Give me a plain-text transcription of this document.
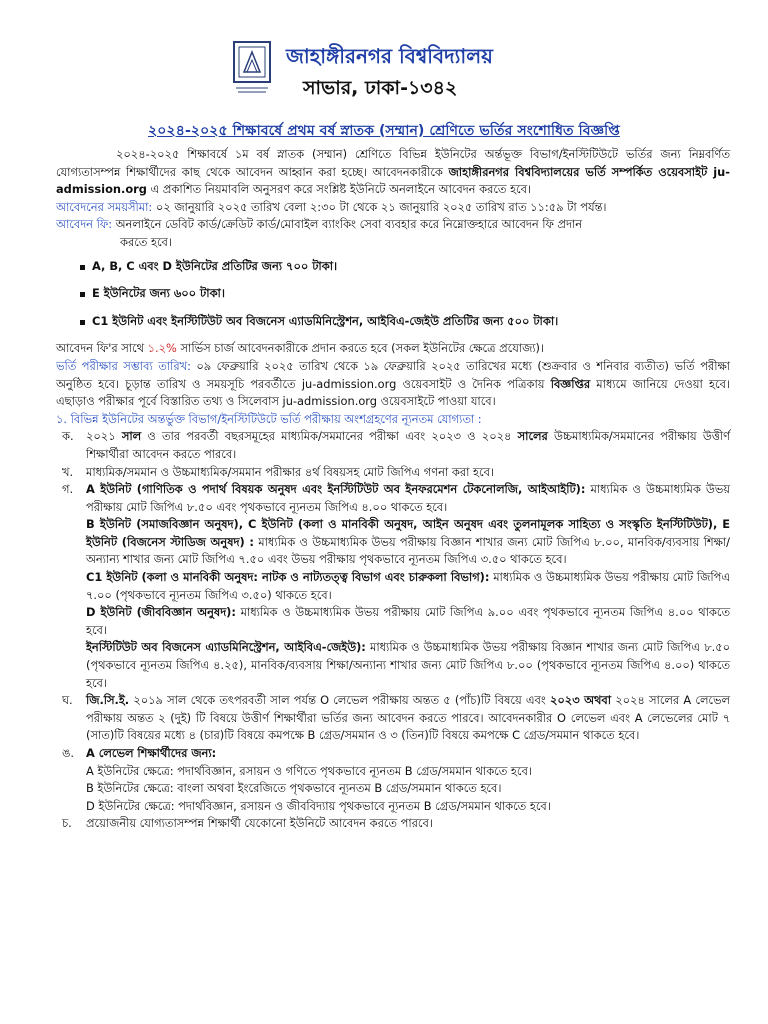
জাহাঙ্গীরনগর বিশ্ববিদ্যালয়
সাভার, ঢাকা-১৩৪২
২০২৪-২০২৫ শিক্ষাবর্ষে প্রথম বর্ষ স্নাতক (সম্মান) শ্রেণিতে ভর্তির সংশোধিত বিজ্ঞপ্তি

২০২৪-২০২৫ শিক্ষাবর্ষে ১ম বর্ষ স্নাতক (সম্মান) শ্রেণিতে বিভিন্ন ইউনিটের অর্ন্তভূক্ত বিভাগ/ইনস্টিটিউটে ভর্তির জন্য নিম্নবর্ণিত যোগ্যতাসম্পন্ন শিক্ষার্থীদের কাছ থেকে আবেদন আহ্বান করা হচ্ছে। আবেদনকারীকে জাহাঙ্গীরনগর বিশ্ববিদ্যালয়ের ভর্তি সম্পর্কিত ওয়েবসাইট ju-admission.org এ প্রকাশিত নিয়মাবলি অনুসরণ করে সংশ্লিষ্ট ইউনিটে অনলাইনে আবেদন করতে হবে।

আবেদনের সময়সীমা: ০২ জানুয়ারি ২০২৫ তারিখ বেলা ২:৩০ টা থেকে ২১ জানুয়ারি ২০২৫ তারিখ রাত ১১:৫৯ টা পর্যন্ত।

আবেদন ফি: অনলাইনে ডেবিট কার্ড/ক্রেডিট কার্ড/মোবাইল ব্যাংকিং সেবা ব্যবহার করে নিম্নোক্তহারে আবেদন ফি প্রদান

করতে হবে।

A, B, C এবং D ইউনিটের প্রতিটির জন্য ৭০০ টাকা।
E ইউনিটের জন্য ৬০০ টাকা।
C1 ইউনিট এবং ইনস্টিটিউট অব বিজনেস এ্যাডমিনিস্ট্রেশন, আইবিএ-জেইউ প্রতিটির জন্য ৫০০ টাকা।

আবেদন ফি'র সাথে ১.২% সার্ভিস চার্জ আবেদনকারীকে প্রদান করতে হবে (সকল ইউনিটের ক্ষেত্রে প্রযোজ্য)।

ভর্তি পরীক্ষার সম্ভাব্য তারিখ: ০৯ ফেব্রুয়ারি ২০২৫ তারিখ থেকে ১৯ ফেব্রুয়ারি ২০২৫ তারিখের মধ্যে (শুক্রবার ও শনিবার ব্যতীত) ভর্তি পরীক্ষা অনুষ্ঠিত হবে। চূড়ান্ত তারিখ ও সময়সূচি পরবর্তীতে ju-admission.org ওয়েবসাইট ও দৈনিক পত্রিকায় বিজ্ঞপ্তির মাধ্যমে জানিয়ে দেওয়া হবে। এছাড়াও পরীক্ষার পূর্বে বিস্তারিত তথ্য ও সিলেবাস ju-admission.org ওয়েবসাইটে পাওয়া যাবে।

১. বিভিন্ন ইউনিটের অন্তর্ভুক্ত বিভাগ/ইনস্টিটিউটে ভর্তি পরীক্ষায় অংশগ্রহণের ন্যূনতম যোগ্যতা :

ক. ২০২১ সাল ও তার পরবর্তী বছরসমূহের মাধ্যমিক/সমমানের পরীক্ষা এবং ২০২৩ ও ২০২৪ সালের উচ্চমাধ্যমিক/সমমানের পরীক্ষায় উত্তীর্ণ শিক্ষার্থীরা আবেদন করতে পারবে।

খ. মাধ্যমিক/সমমান ও উচ্চমাধ্যমিক/সমমান পরীক্ষার ৪র্থ বিষয়সহ মোট জিপিএ গণনা করা হবে।

গ. A ইউনিট (গাণিতিক ও পদার্থ বিষয়ক অনুষদ এবং ইনস্টিটিউট অব ইনফরমেশন টেকনোলজি, আইআইটি): মাধ্যমিক ও উচ্চমাধ্যমিক উভয় পরীক্ষায় মোট জিপিএ ৮.৫০ এবং পৃথকভাবে ন্যূনতম জিপিএ ৪.০০ থাকতে হবে।

B ইউনিট (সমাজবিজ্ঞান অনুষদ), C ইউনিট (কলা ও মানবিকী অনুষদ, আইন অনুষদ এবং তুলনামূলক সাহিত্য ও সংস্কৃতি ইনস্টিটিউট), E ইউনিট (বিজনেস স্টাডিজ অনুষদ) : মাধ্যমিক ও উচ্চমাধ্যমিক উভয় পরীক্ষায় বিজ্ঞান শাখার জন্য মোট জিপিএ ৮.০০, মানবিক/ব্যবসায় শিক্ষা/অন্যান্য শাখার জন্য মোট জিপিএ ৭.৫০ এবং উভয় পরীক্ষায় পৃথকভাবে ন্যূনতম জিপিএ ৩.৫০ থাকতে হবে।

C1 ইউনিট (কলা ও মানবিকী অনুষদ: নাটক ও নাট্যতত্ত্ব বিভাগ এবং চারুকলা বিভাগ): মাধ্যমিক ও উচ্চমাধ্যমিক উভয় পরীক্ষায় মোট জিপিএ ৭.০০ (পৃথকভাবে ন্যূনতম জিপিএ ৩.৫০) থাকতে হবে।

D ইউনিট (জীববিজ্ঞান অনুষদ): মাধ্যমিক ও উচ্চমাধ্যমিক উভয় পরীক্ষায় মোট জিপিএ ৯.০০ এবং পৃথকভাবে ন্যূনতম জিপিএ ৪.০০ থাকতে হবে।

ইনস্টিটিউট অব বিজনেস এ্যাডমিনিস্ট্রেশন, আইবিএ-জেইউ): মাধ্যমিক ও উচ্চমাধ্যমিক উভয় পরীক্ষায় বিজ্ঞান শাখার জন্য মোট জিপিএ ৮.৫০ (পৃথকভাবে ন্যূনতম জিপিএ ৪.২৫), মানবিক/ব্যবসায় শিক্ষা/অন্যান্য শাখার জন্য মোট জিপিএ ৮.০০ (পৃথকভাবে ন্যূনতম জিপিএ ৪.০০) থাকতে হবে।

ঘ. জি.সি.ই. ২০১৯ সাল থেকে তৎপরবর্তী সাল পর্যন্ত O লেভেল পরীক্ষায় অন্তত ৫ (পাঁচ)টি বিষয়ে এবং ২০২৩ অথবা ২০২৪ সালের A লেভেল পরীক্ষায় অন্তত ২ (দুই) টি বিষয়ে উত্তীর্ণ শিক্ষার্থীরা ভর্তির জন্য আবেদন করতে পারবে। আবেদনকারীর O লেভেল এবং A লেভেলের মোট ৭ (সাত)টি বিষয়ের মধ্যে ৪ (চার)টি বিষয়ে কমপক্ষে B গ্রেড/সমমান ও ৩ (তিন)টি বিষয়ে কমপক্ষে C গ্রেড/সমমান থাকতে হবে।

ঙ. A লেভেল শিক্ষার্থীদের জন্য:

A ইউনিটের ক্ষেত্রে: পদার্থবিজ্ঞান, রসায়ন ও গণিতে পৃথকভাবে ন্যূনতম B গ্রেড/সমমান থাকতে হবে।

B ইউনিটের ক্ষেত্রে: বাংলা অথবা ইংরেজিতে পৃথকভাবে ন্যূনতম B গ্রেড/সমমান থাকতে হবে।

D ইউনিটের ক্ষেত্রে: পদার্থবিজ্ঞান, রসায়ন ও জীববিদ্যায় পৃথকভাবে ন্যূনতম B গ্রেড/সমমান থাকতে হবে।

চ. প্রয়োজনীয় যোগ্যতাসম্পন্ন শিক্ষার্থী যেকোনো ইউনিটে আবেদন করতে পারবে।
